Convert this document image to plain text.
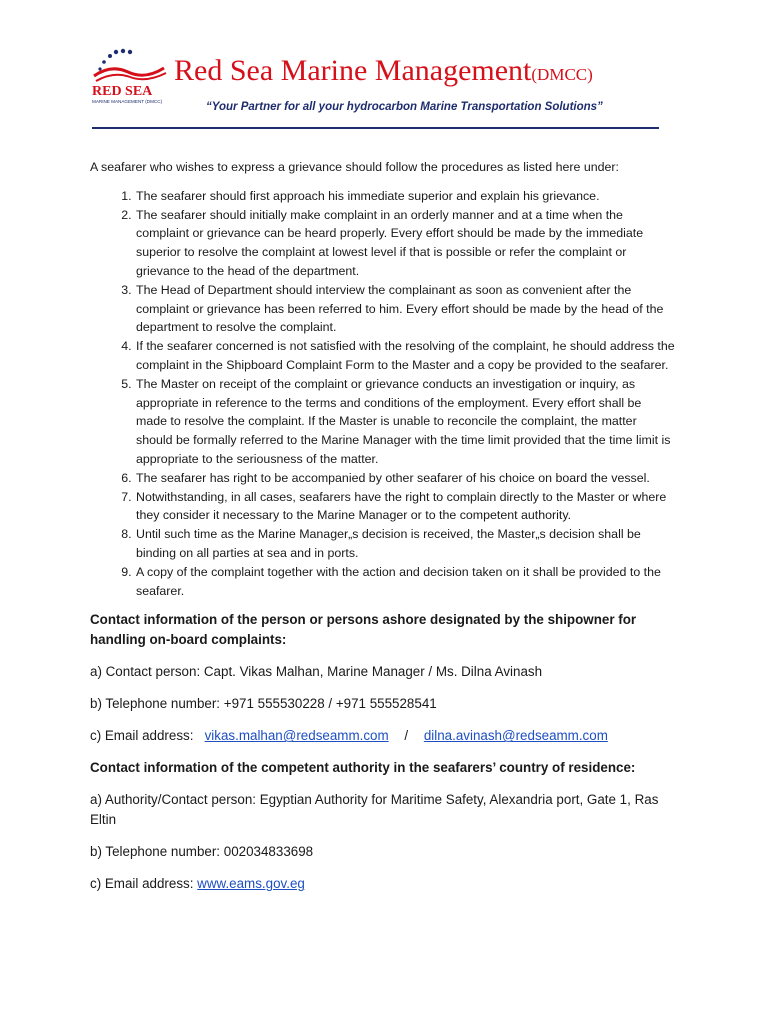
RED SEA
MARINE MANAGEMENT (DMCC)
Red Sea Marine Management(DMCC)
“Your Partner for all your hydrocarbon Marine Transportation Solutions”

A seafarer who wishes to express a grievance should follow the procedures as listed here under:

1. The seafarer should first approach his immediate superior and explain his grievance.
2. The seafarer should initially make complaint in an orderly manner and at a time when the complaint or grievance can be heard properly. Every effort should be made by the immediate superior to resolve the complaint at lowest level if that is possible or refer the complaint or grievance to the head of the department.
3. The Head of Department should interview the complainant as soon as convenient after the complaint or grievance has been referred to him. Every effort should be made by the head of the department to resolve the complaint.
4. If the seafarer concerned is not satisfied with the resolving of the complaint, he should address the complaint in the Shipboard Complaint Form to the Master and a copy be provided to the seafarer.
5. The Master on receipt of the complaint or grievance conducts an investigation or inquiry, as appropriate in reference to the terms and conditions of the employment. Every effort shall be made to resolve the complaint. If the Master is unable to reconcile the complaint, the matter should be formally referred to the Marine Manager with the time limit provided that the time limit is appropriate to the seriousness of the matter.
6. The seafarer has right to be accompanied by other seafarer of his choice on board the vessel.
7. Notwithstanding, in all cases, seafarers have the right to complain directly to the Master or where they consider it necessary to the Marine Manager or to the competent authority.
8. Until such time as the Marine Manager„s decision is received, the Master„s decision shall be binding on all parties at sea and in ports.
9. A copy of the complaint together with the action and decision taken on it shall be provided to the seafarer.

Contact information of the person or persons ashore designated by the shipowner for handling on-board complaints:

a) Contact person: Capt. Vikas Malhan, Marine Manager / Ms. Dilna Avinash

b) Telephone number: +971 555530228 / +971 555528541

c) Email address: vikas.malhan@redseamm.com / dilna.avinash@redseamm.com

Contact information of the competent authority in the seafarers’ country of residence:

a) Authority/Contact person: Egyptian Authority for Maritime Safety, Alexandria port, Gate 1, Ras Eltin

b) Telephone number: 002034833698

c) Email address: www.eams.gov.eg
